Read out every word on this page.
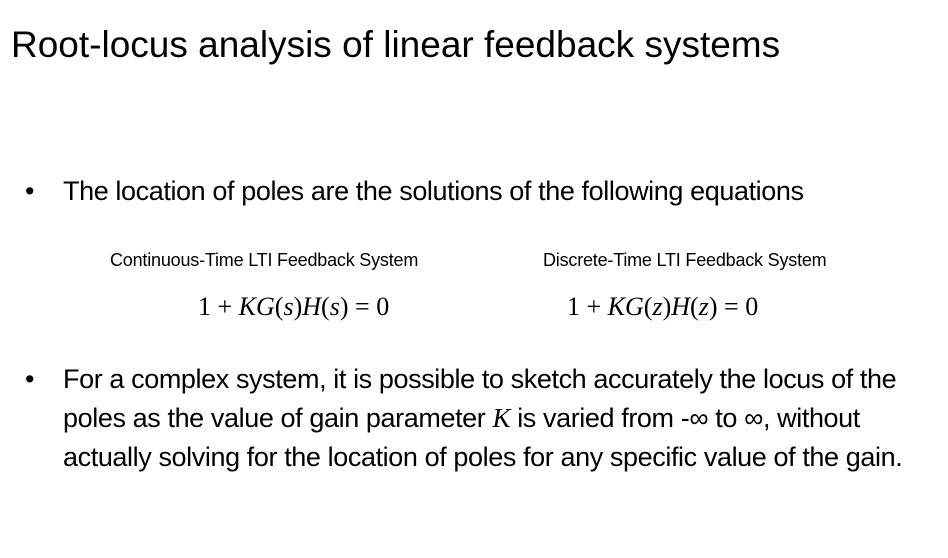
Root-locus analysis of linear feedback systems
• The location of poles are the solutions of the following equations
Continuous-Time LTI Feedback System	Discrete-Time LTI Feedback System
1 + KG(s)H(s) = 0	1 + KG(z)H(z) = 0
• For a complex system, it is possible to sketch accurately the locus of the poles as the value of gain parameter K is varied from -∞ to ∞, without actually solving for the location of poles for any specific value of the gain.
